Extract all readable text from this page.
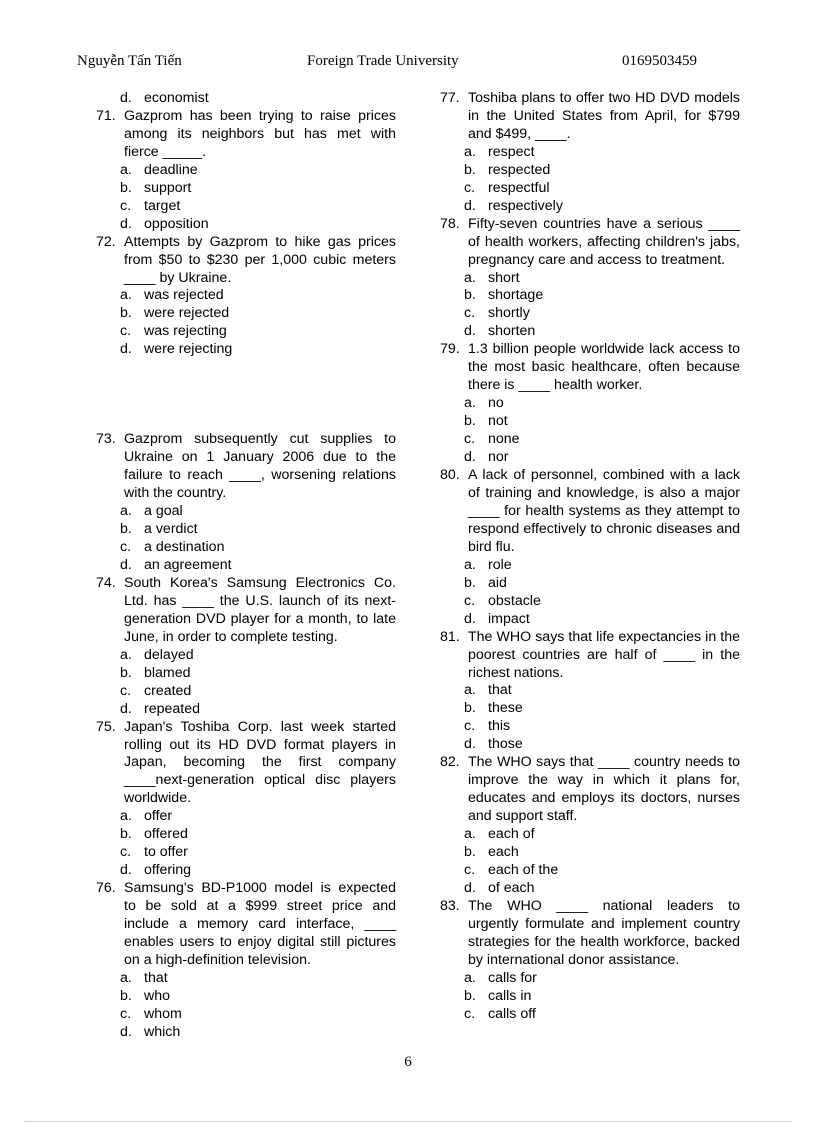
Nguyễn Tấn Tiến	Foreign Trade University	0169503459
d. economist
71. Gazprom has been trying to raise prices among its neighbors but has met with fierce _____.
a. deadline
b. support
c. target
d. opposition
72. Attempts by Gazprom to hike gas prices from $50 to $230 per 1,000 cubic meters ____ by Ukraine.
a. was rejected
b. were rejected
c. was rejecting
d. were rejecting
73. Gazprom subsequently cut supplies to Ukraine on 1 January 2006 due to the failure to reach ____, worsening relations with the country.
a. a goal
b. a verdict
c. a destination
d. an agreement
74. South Korea's Samsung Electronics Co. Ltd. has ____ the U.S. launch of its next-generation DVD player for a month, to late June, in order to complete testing.
a. delayed
b. blamed
c. created
d. repeated
75. Japan's Toshiba Corp. last week started rolling out its HD DVD format players in Japan, becoming the first company ____next-generation optical disc players worldwide.
a. offer
b. offered
c. to offer
d. offering
76. Samsung's BD-P1000 model is expected to be sold at a $999 street price and include a memory card interface, ____ enables users to enjoy digital still pictures on a high-definition television.
a. that
b. who
c. whom
d. which
77. Toshiba plans to offer two HD DVD models in the United States from April, for $799 and $499, ____.
a. respect
b. respected
c. respectful
d. respectively
78. Fifty-seven countries have a serious ____ of health workers, affecting children's jabs, pregnancy care and access to treatment.
a. short
b. shortage
c. shortly
d. shorten
79. 1.3 billion people worldwide lack access to the most basic healthcare, often because there is ____ health worker.
a. no
b. not
c. none
d. nor
80. A lack of personnel, combined with a lack of training and knowledge, is also a major ____ for health systems as they attempt to respond effectively to chronic diseases and bird flu.
a. role
b. aid
c. obstacle
d. impact
81. The WHO says that life expectancies in the poorest countries are half of ____ in the richest nations.
a. that
b. these
c. this
d. those
82. The WHO says that ____ country needs to improve the way in which it plans for, educates and employs its doctors, nurses and support staff.
a. each of
b. each
c. each of the
d. of each
83. The WHO ____ national leaders to urgently formulate and implement country strategies for the health workforce, backed by international donor assistance.
a. calls for
b. calls in
c. calls off
6
